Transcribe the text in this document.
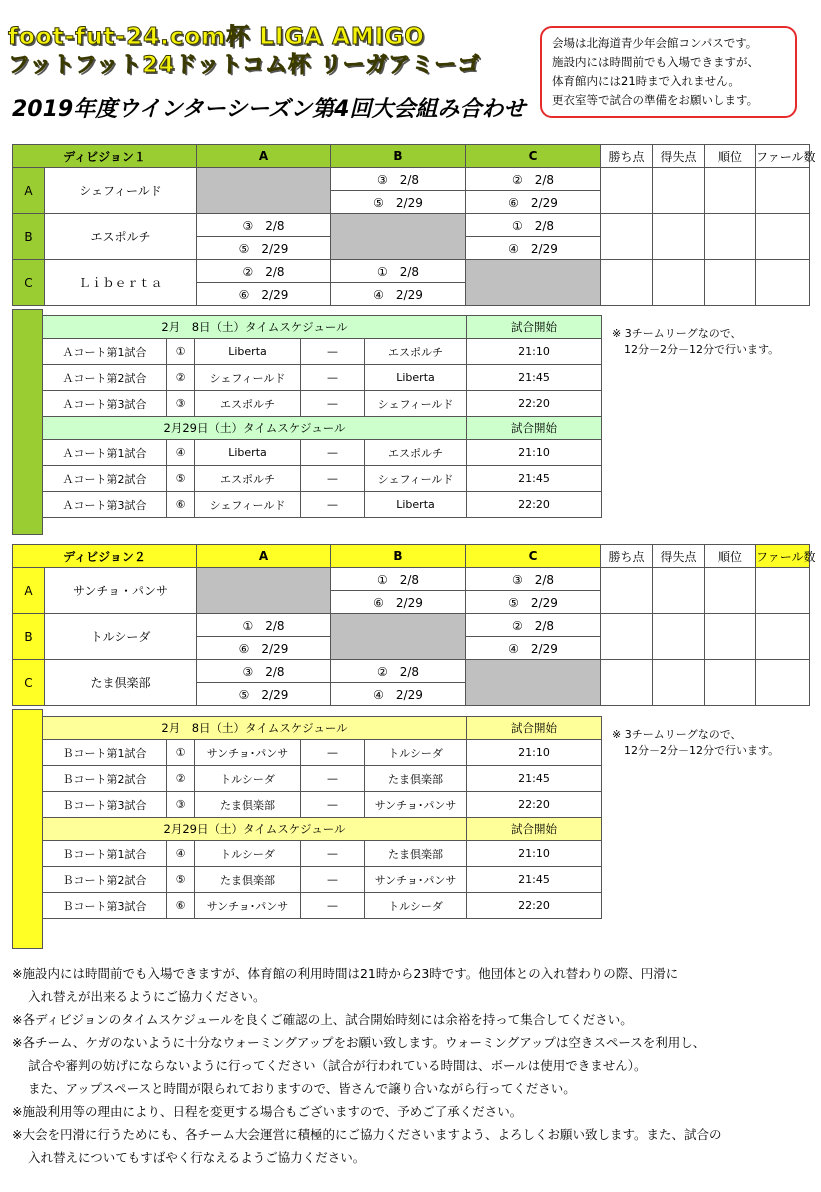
foot-fut-24.com杯 LIGA AMIGO
フットフット24ドットコム杯 リーガアミーゴ
2019年度ウインターシーズン第4回大会組み合わせ
会場は北海道青少年会館コンパスです。
施設内には時間前でも入場できますが、
体育館内には21時まで入れません。
更衣室等で試合の準備をお願いします。
ディビジョン１		A	B	C	勝ち点	得失点	順位	ファール数
A	シェフィールド		③　2/8	②　2/8				
			⑤　2/29	⑥　2/29				
B	エスポルチ	③　2/8		①　2/8				
		⑤　2/29		④　2/29				
C	Ｌｉｂｅｒｔａ	②　2/8	①　2/8					
		⑥　2/29	④　2/29					
2月　8日（土）タイムスケジュール					試合開始
Ａコート第1試合	①	Liberta	—	エスポルチ	21:10
Ａコート第2試合	②	シェフィールド	—	Liberta	21:45
Ａコート第3試合	③	エスポルチ	—	シェフィールド	22:20
2月29日（土）タイムスケジュール					試合開始
Ａコート第1試合	④	Liberta	—	エスポルチ	21:10
Ａコート第2試合	⑤	エスポルチ	—	シェフィールド	21:45
Ａコート第3試合	⑥	シェフィールド	—	Liberta	22:20
※ 3チームリーグなので、
12分－2分－12分で行います。
ディビジョン２		A	B	C	勝ち点	得失点	順位	ファール数
A	サンチョ・パンサ		①　2/8	③　2/8				
			⑥　2/29	⑤　2/29				
B	トルシーダ	①　2/8		②　2/8				
		⑥　2/29		④　2/29				
C	たま倶楽部	③　2/8	②　2/8					
		⑤　2/29	④　2/29					
2月　8日（土）タイムスケジュール					試合開始
Ｂコート第1試合	①	サンチョ･パンサ	—	トルシーダ	21:10
Ｂコート第2試合	②	トルシーダ	—	たま倶楽部	21:45
Ｂコート第3試合	③	たま倶楽部	—	サンチョ･パンサ	22:20
2月29日（土）タイムスケジュール					試合開始
Ｂコート第1試合	④	トルシーダ	—	たま倶楽部	21:10
Ｂコート第2試合	⑤	たま倶楽部	—	サンチョ･パンサ	21:45
Ｂコート第3試合	⑥	サンチョ･パンサ	—	トルシーダ	22:20
※ 3チームリーグなので、
12分－2分－12分で行います。
※施設内には時間前でも入場できますが、体育館の利用時間は21時から23時です。他団体との入れ替わりの際、円滑に
入れ替えが出来るようにご協力ください。
※各ディビジョンのタイムスケジュールを良くご確認の上、試合開始時刻には余裕を持って集合してください。
※各チーム、ケガのないように十分なウォーミングアップをお願い致します。ウォーミングアップは空きスペースを利用し、
試合や審判の妨げにならないように行ってください（試合が行われている時間は、ボールは使用できません）。
また、アップスペースと時間が限られておりますので、皆さんで譲り合いながら行ってください。
※施設利用等の理由により、日程を変更する場合もございますので、予めご了承ください。
※大会を円滑に行うためにも、各チーム大会運営に積極的にご協力くださいますよう、よろしくお願い致します。また、試合の
入れ替えについてもすばやく行なえるようご協力ください。
